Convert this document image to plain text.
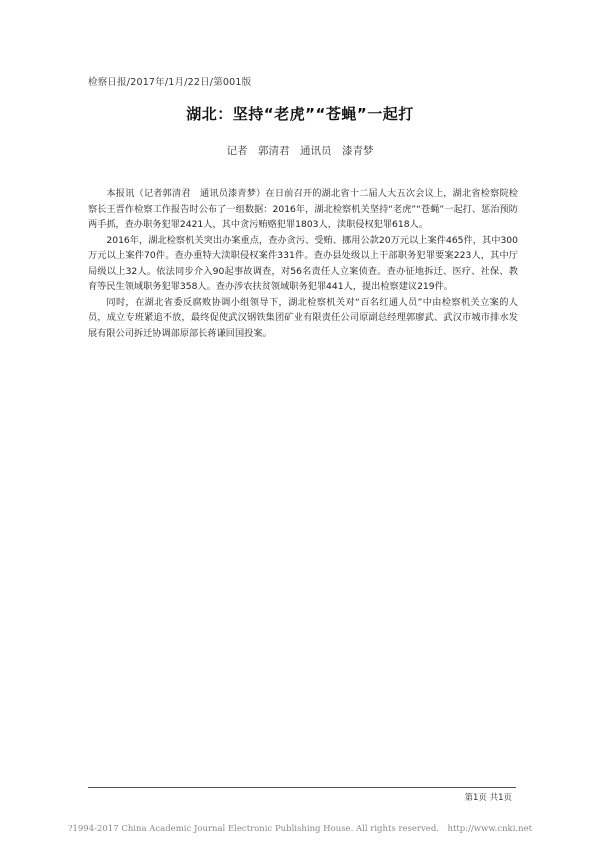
检察日报/2017年/1月/22日/第001版
湖北：坚持“老虎”“苍蝇”一起打
记者　郭清君　通讯员　漆青梦

本报讯（记者郭清君　通讯员漆青梦）在日前召开的湖北省十二届人大五次会议上，湖北省检察院检察长王晋作检察工作报告时公布了一组数据：2016年，湖北检察机关坚持“老虎”“苍蝇”一起打、惩治预防两手抓，查办职务犯罪2421人，其中贪污贿赂犯罪1803人，渎职侵权犯罪618人。

2016年，湖北检察机关突出办案重点，查办贪污、受贿、挪用公款20万元以上案件465件，其中300万元以上案件70件。查办重特大渎职侵权案件331件。查办县处级以上干部职务犯罪要案223人，其中厅局级以上32人。依法同步介入90起事故调查，对56名责任人立案侦查。查办征地拆迁、医疗、社保、教育等民生领域职务犯罪358人。查办涉农扶贫领域职务犯罪441人，提出检察建议219件。

同时，在湖北省委反腐败协调小组领导下，湖北检察机关对“百名红通人员”中由检察机关立案的人员，成立专班紧追不放，最终促使武汉钢铁集团矿业有限责任公司原副总经理郭廖武、武汉市城市排水发展有限公司拆迁协调部原部长蒋谦回国投案。

第1页 共1页
?1994-2017 China Academic Journal Electronic Publishing House. All rights reserved.　http://www.cnki.net
